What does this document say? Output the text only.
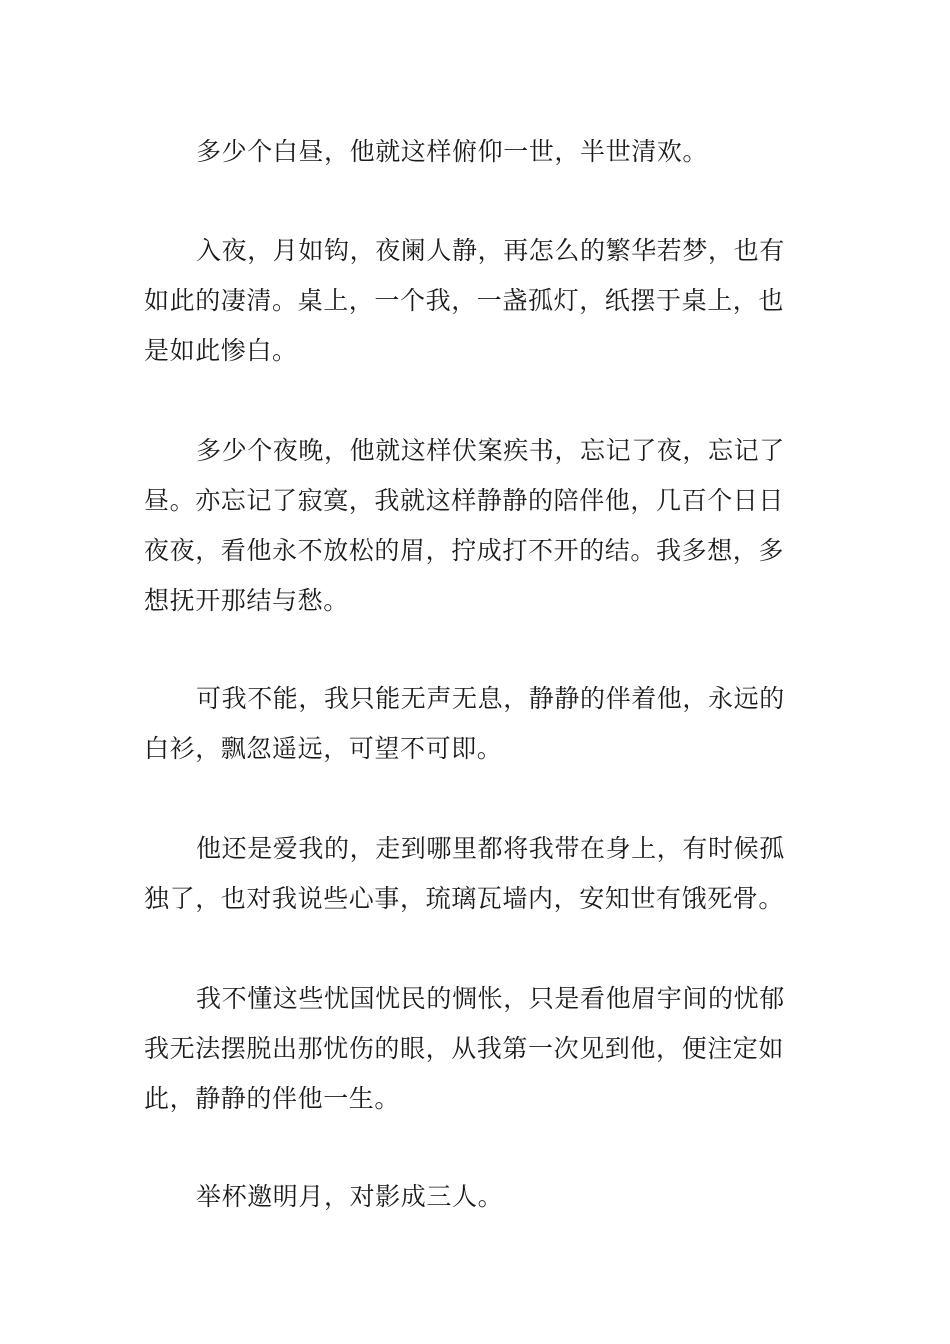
多少个白昼，他就这样俯仰一世，半世清欢。

入夜，月如钩，夜阑人静，再怎么的繁华若梦，也有如此的凄清。桌上，一个我，一盏孤灯，纸摆于桌上，也是如此惨白。

多少个夜晚，他就这样伏案疾书，忘记了夜，忘记了昼。亦忘记了寂寞，我就这样静静的陪伴他，几百个日日夜夜，看他永不放松的眉，拧成打不开的结。我多想，多想抚开那结与愁。

可我不能，我只能无声无息，静静的伴着他，永远的白衫，飘忽遥远，可望不可即。

他还是爱我的，走到哪里都将我带在身上，有时候孤独了，也对我说些心事，琉璃瓦墙内，安知世有饿死骨。

我不懂这些忧国忧民的惆怅，只是看他眉宇间的忧郁我无法摆脱出那忧伤的眼，从我第一次见到他，便注定如此，静静的伴他一生。

举杯邀明月，对影成三人。
